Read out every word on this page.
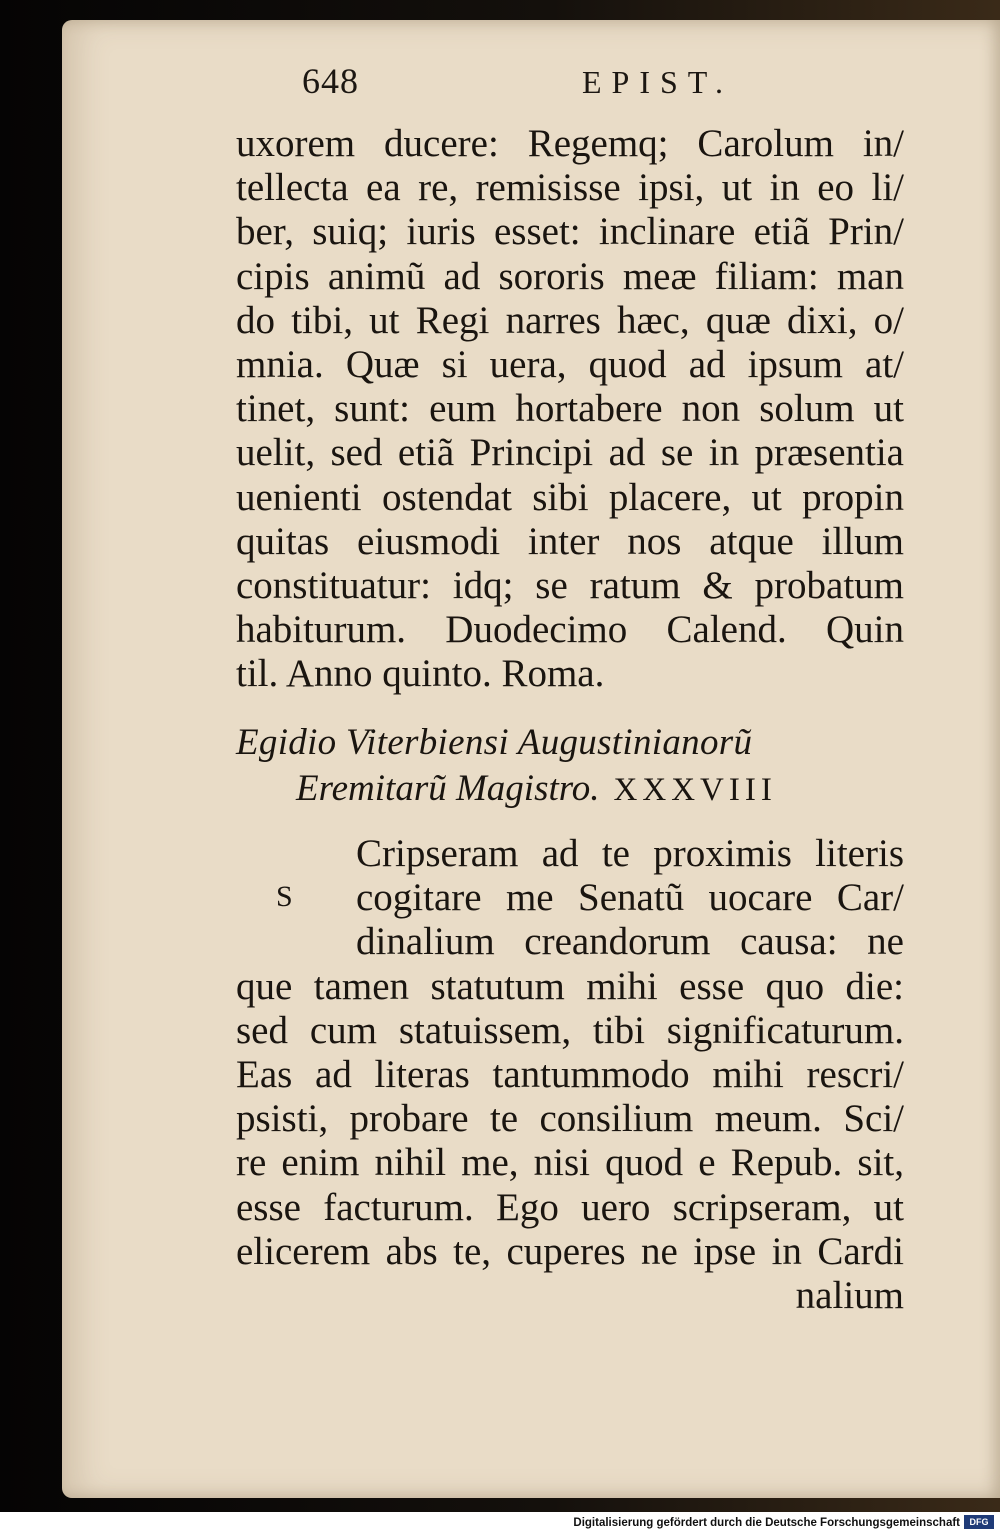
648	EPIST.
uxorem ducere: Regemq; Carolum in/
tellecta ea re, remisisse ipsi, ut in eo li/
ber, suiq; iuris esset: inclinare etiã Prin/
cipis animũ ad sororis meæ filiam: man
do tibi, ut Regi narres hæc, quæ dixi, o/
mnia. Quæ si uera, quod ad ipsum at/
tinet, sunt: eum hortabere non solum ut
uelit, sed etiã Principi ad se in præsentia
uenienti ostendat sibi placere, ut propin
quitas eiusmodi inter nos atque illum
constituatur: idq; se ratum & probatum
habiturum. Duodecimo Calend. Quin
til. Anno quinto. Roma.
Egidio Viterbiensi Augustinianorũ
Eremitarũ Magistro. XXXVIII
S
Cripseram ad te proximis literis
cogitare me Senatũ uocare Car/
dinalium creandorum causa: ne
que tamen statutum mihi esse quo die:
sed cum statuissem, tibi significaturum.
Eas ad literas tantummodo mihi rescri/
psisti, probare te consilium meum. Sci/
re enim nihil me, nisi quod e Repub. sit,
esse facturum. Ego uero scripseram, ut
elicerem abs te, cuperes ne ipse in Cardi
nalium
Digitalisierung gefördert durch die Deutsche Forschungsgemeinschaft	DFG
